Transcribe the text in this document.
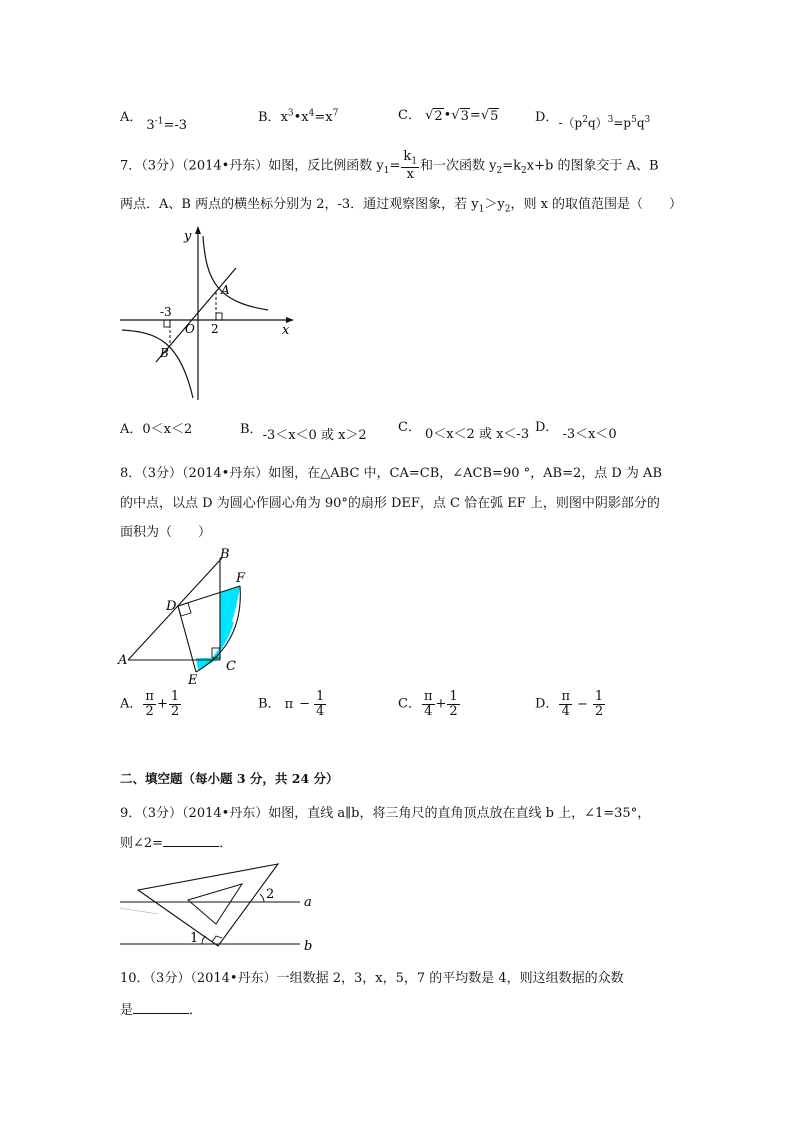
A．$3^{-1}=-3$
B．$x^3•x^4=x^7$	C． √ 2 •√ 3 =√ 5	D．$-(p^2q)^3=p^5q^3$
7．（3分）（2014•丹东）如图，反比例函数 $y_1= \frac{k_1}{x}$ 和一次函数 $y_2=k_2x+b$ 的图象交于 A、B
两点．A、B 两点的横坐标分别为 2，-3．通过观察图象，若 $y_1>y_2$，则 x 的取值范围是（　　）
y
x
O
A
B
-3
2
A．0＜x＜2	B．-3＜x＜0 或 x＞2
C． 0＜x＜2 或 x＜-3 D． -3＜x＜0
8．（3分）（2014•丹东）如图，在△ABC 中，CA=CB，∠ACB=90 °，AB=2，点 D 为 AB
的中点，以点 D 为圆心作圆心角为 90°的扇形 DEF，点 C 恰在弧 EF 上，则图中阴影部分的
面积为（　　）
B
F
D
A	C
E
A． $\frac{\pi}{2} + \frac{1}{2}$	B． $\pi - \frac{1}{4}$	C． $\frac{\pi}{4} + \frac{1}{2}$	D． $\frac{\pi}{4} - \frac{1}{2}$
二、填空题（每小题 3 分，共 24 分）
9．（3分）（2014•丹东）如图，直线 a∥b，将三角尺的直角顶点放在直线 b 上，∠1=35°，
则∠2=	．
2
1
a
b
10．（3分）（2014•丹东）一组数据 2，3，x，5，7 的平均数是 4，则这组数据的众数
是	．
